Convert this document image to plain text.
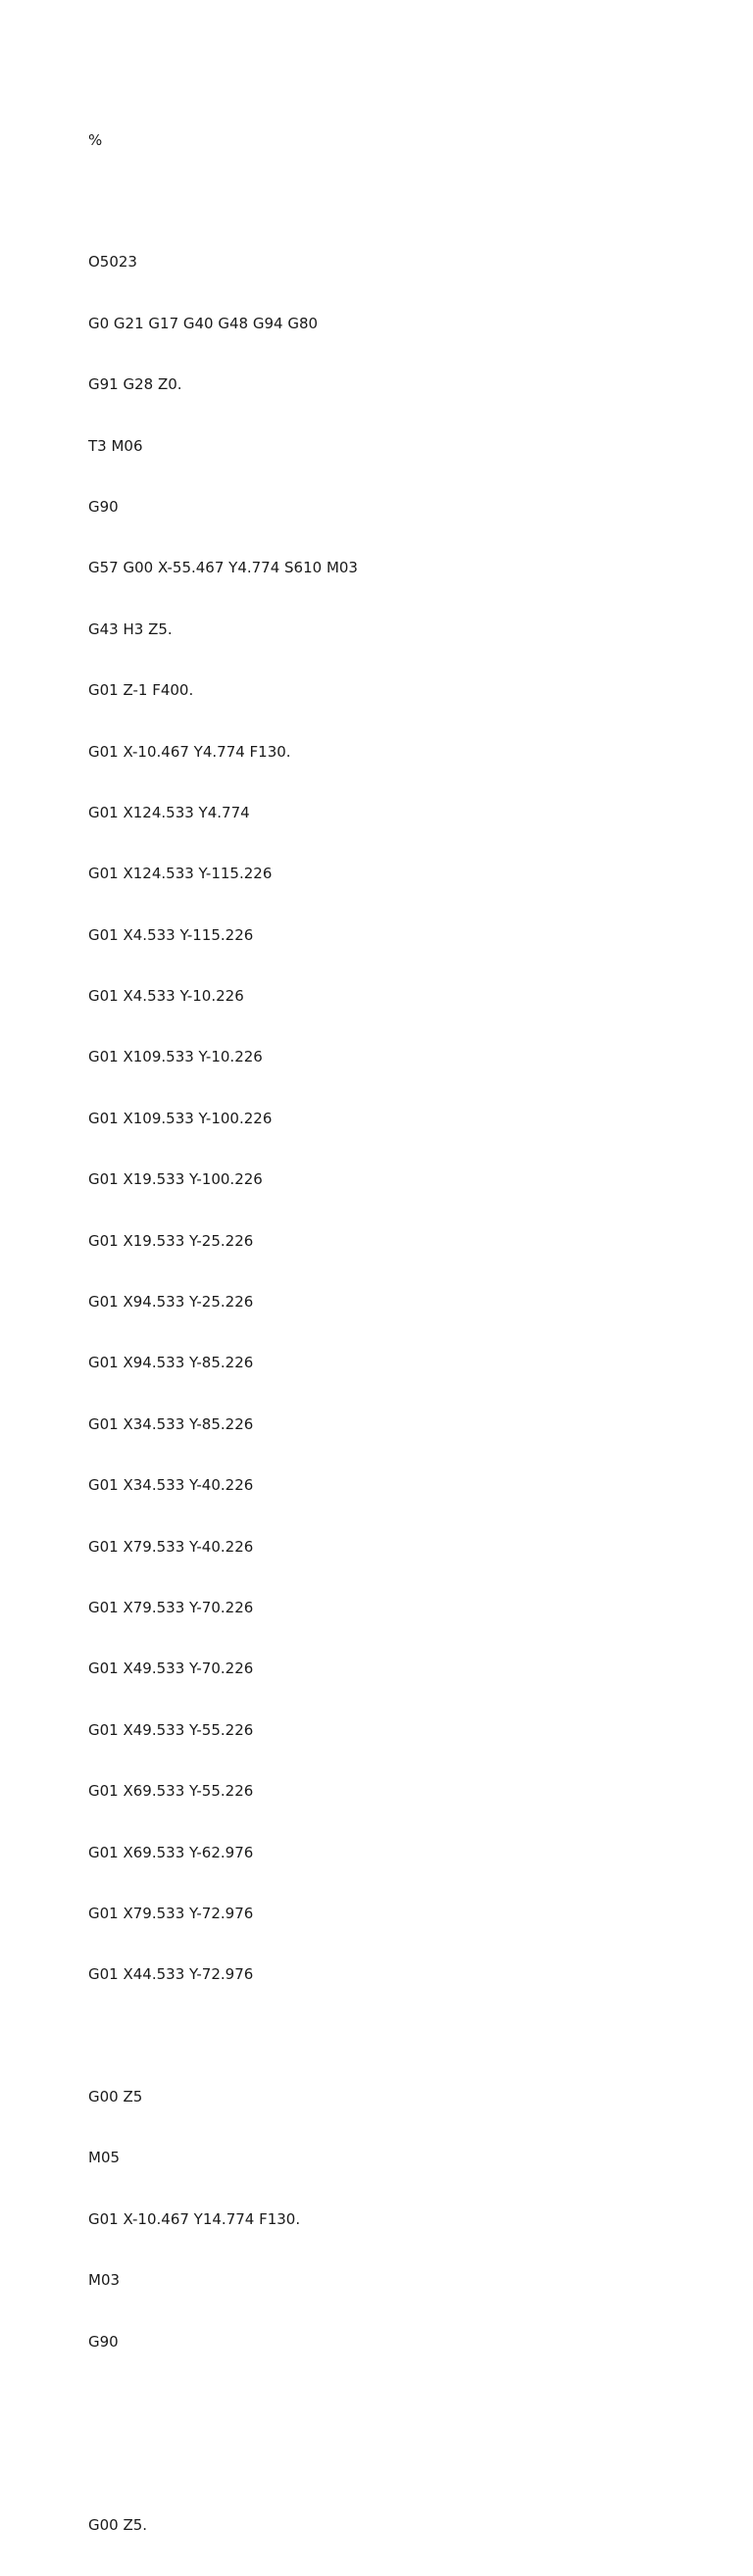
%

O5023

G0 G21 G17 G40 G48 G94 G80

G91 G28 Z0.

T3 M06

G90

G57 G00 X-55.467 Y4.774 S610 M03

G43 H3 Z5.

G01 Z-1 F400.

G01 X-10.467 Y4.774 F130.

G01 X124.533 Y4.774

G01 X124.533 Y-115.226

G01 X4.533 Y-115.226

G01 X4.533 Y-10.226

G01 X109.533 Y-10.226

G01 X109.533 Y-100.226

G01 X19.533 Y-100.226

G01 X19.533 Y-25.226

G01 X94.533 Y-25.226

G01 X94.533 Y-85.226

G01 X34.533 Y-85.226

G01 X34.533 Y-40.226

G01 X79.533 Y-40.226

G01 X79.533 Y-70.226

G01 X49.533 Y-70.226

G01 X49.533 Y-55.226

G01 X69.533 Y-55.226

G01 X69.533 Y-62.976

G01 X79.533 Y-72.976

G01 X44.533 Y-72.976

G00 Z5

M05

G01 X-10.467 Y14.774 F130.

M03

G90

G00 Z5.
